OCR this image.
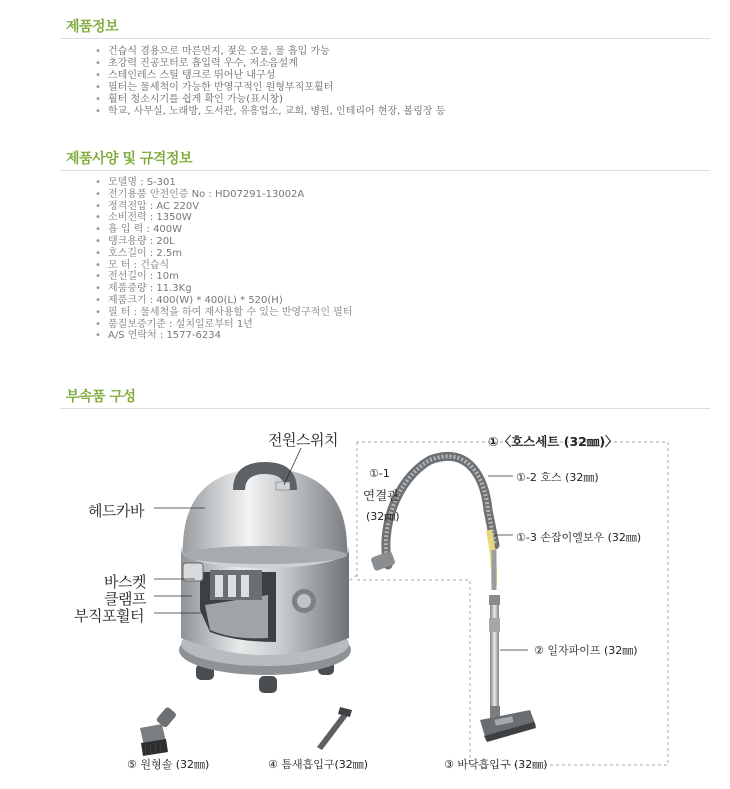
제품정보
• 건습식 겸용으로 마른먼지, 젖은 오물, 물 흡입 가능
• 초강력 진공모터로 흡입력 우수, 저소음설계
• 스테인레스 스틸 탱크로 뛰어난 내구성
• 필터는 물세척이 가능한 반영구적인 원형부직포휠터
• 휠터 청소시기를 쉽게 확인 가능(표시창)
• 학교, 사무실, 노래방, 도서관, 유흥업소, 교회, 병원, 인테리어 현장, 볼링장 등
제품사양 및 규격정보
• 모델명 : S-301
• 전기용품 안전인증 No : HD07291-13002A
• 정격전압 : AC 220V
• 소비전력 : 1350W
• 흡 입 력 : 400W
• 탱크용량 : 20L
• 호스길이 : 2.5m
• 모 터 : 건습식
• 전선길이 : 10m
• 제품중량 : 11.3Kg
• 제품크기 : 400(W) * 400(L) * 520(H)
• 필 터 : 물세척을 하여 재사용할 수 있는 반영구적인 필터
• 품질보증기준 : 설치일로부터 1년
• A/S 연락처 : 1577-6234
부속품 구성
전원스위치
헤드카바
바스켓
클램프
부직포휠터
①〈호스세트 (32㎜)〉
①-1
연결관
(32㎜)
①-2 호스 (32㎜)
①-3 손잡이엘보우 (32㎜)
② 일자파이프 (32㎜)
③ 바닥흡입구 (32㎜)
④ 틈새흡입구(32㎜)
⑤ 원형솔 (32㎜)
